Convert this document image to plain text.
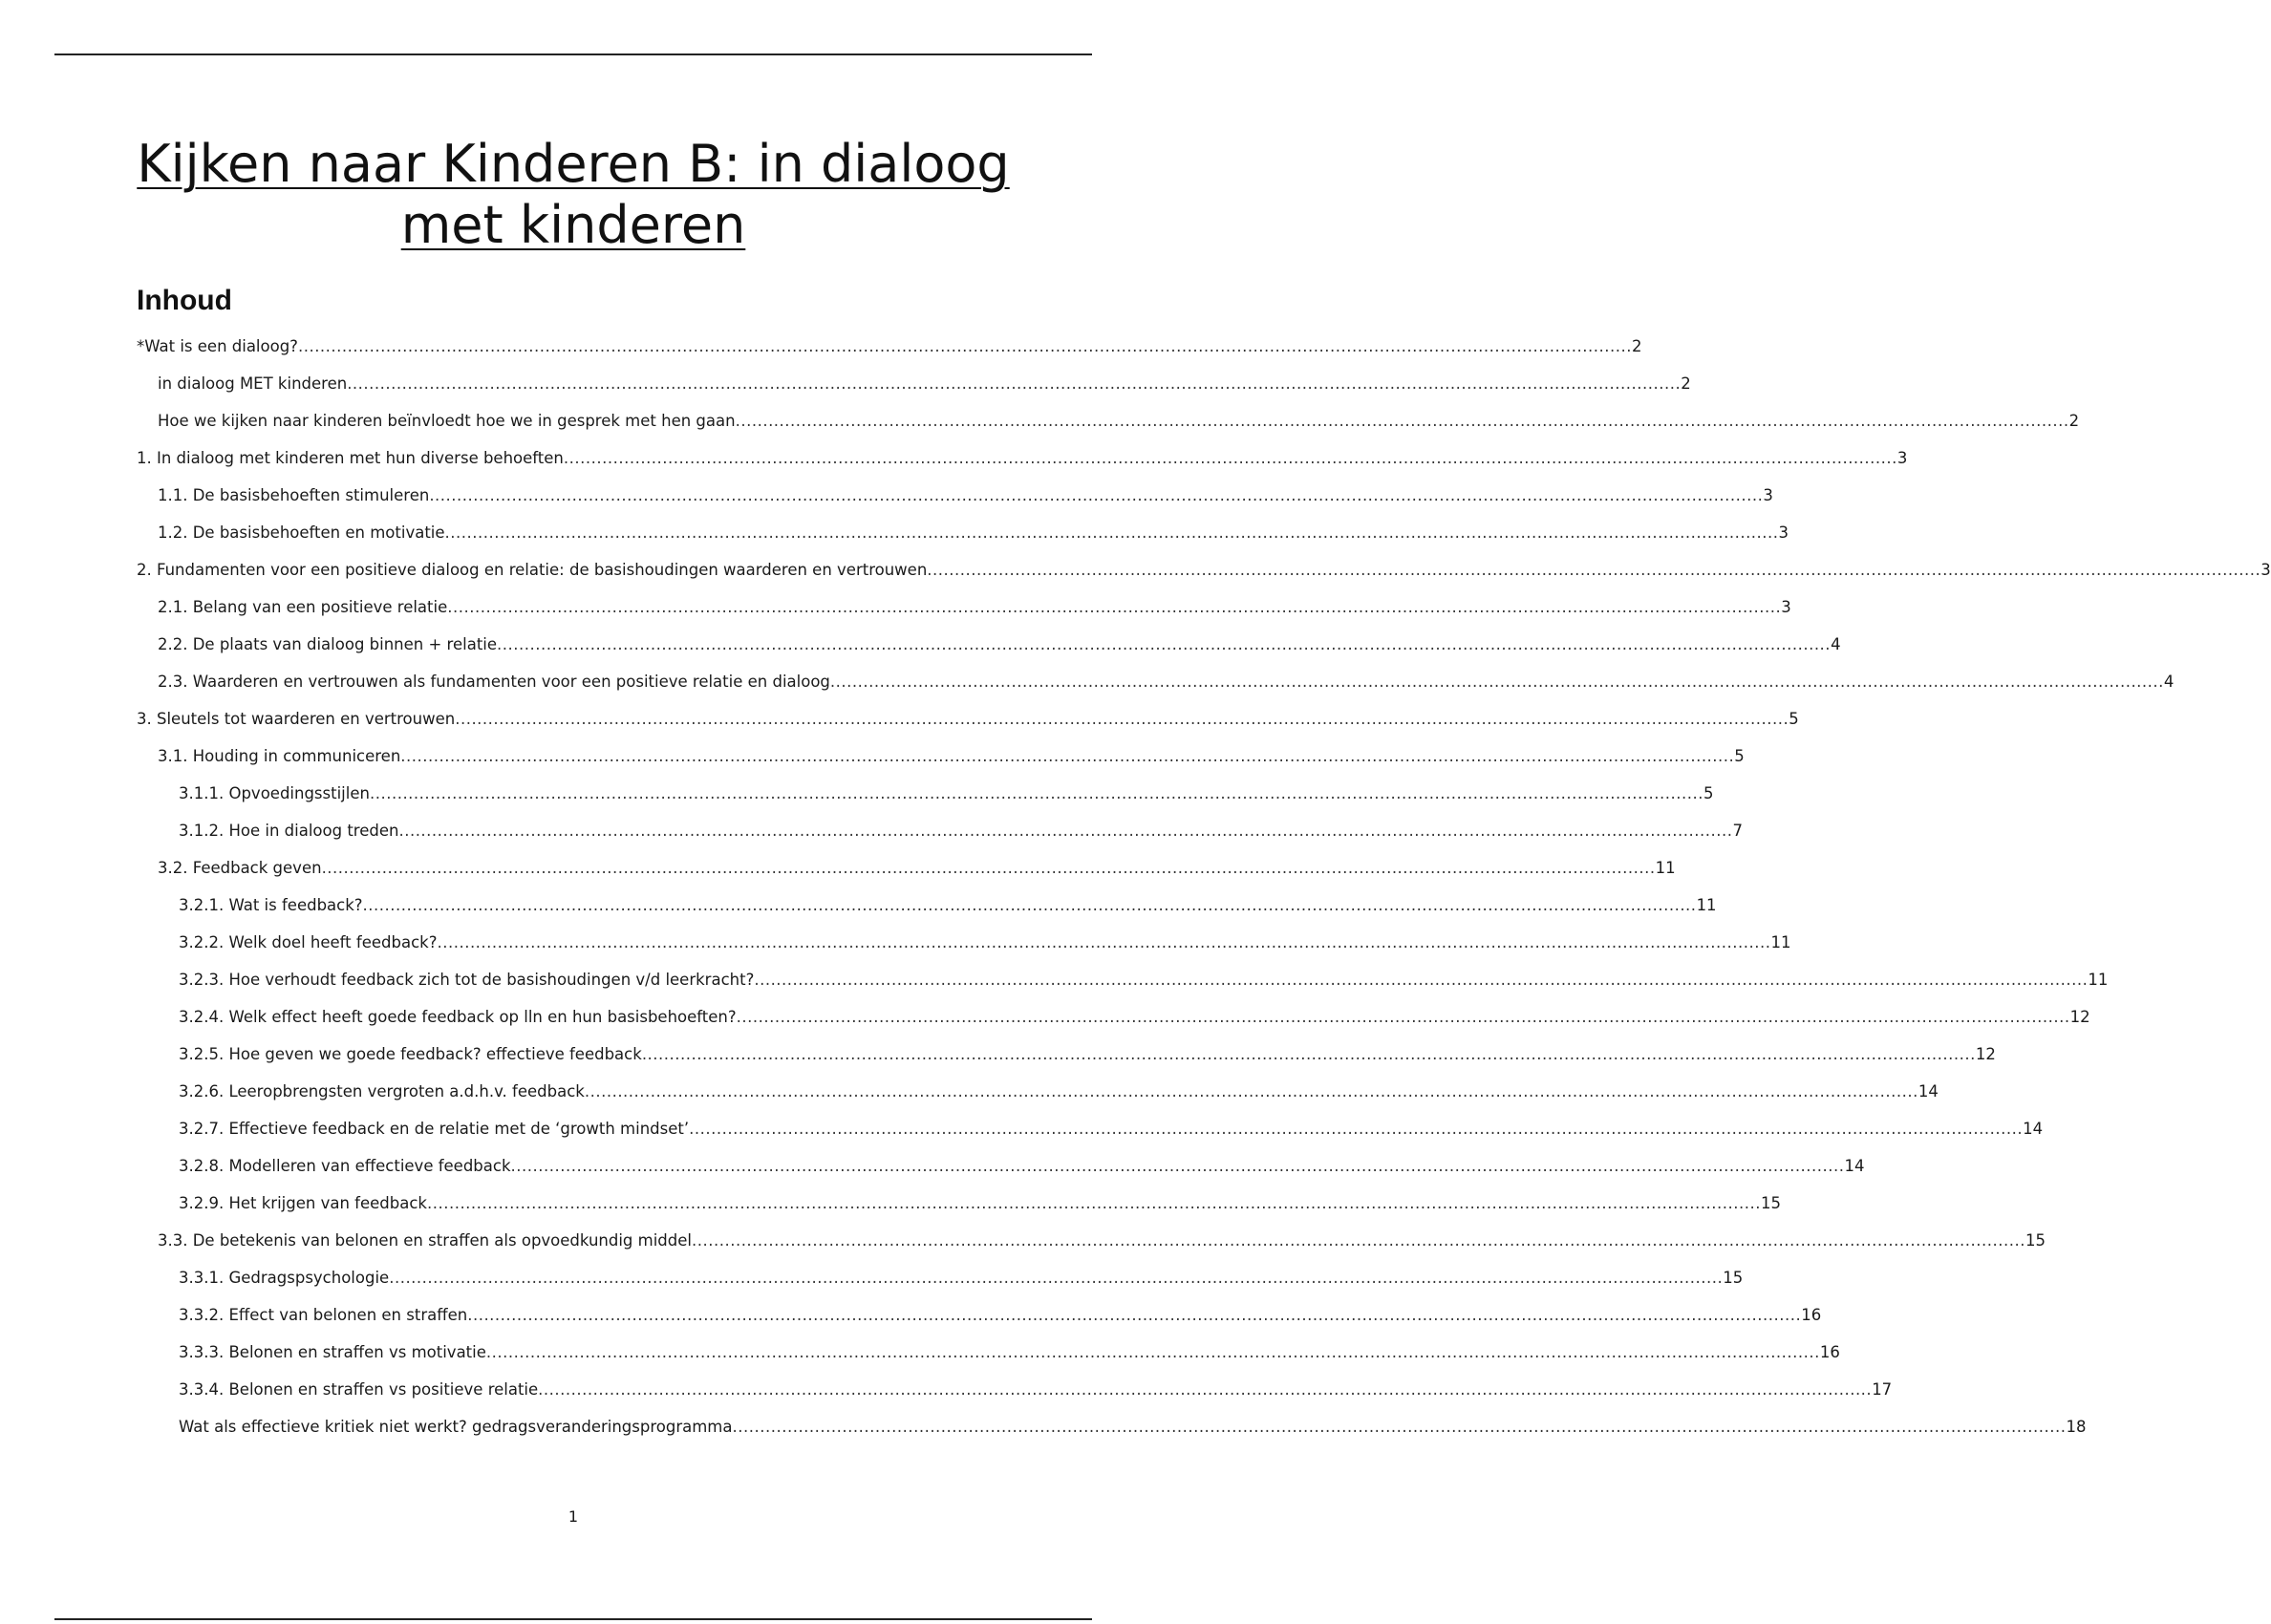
Kijken naar Kinderen B: in dialoog met kinderen
Inhoud
*Wat is een dialoog? .....	2
in dialoog MET kinderen .....	2
Hoe we kijken naar kinderen beïnvloedt hoe we in gesprek met hen gaan .....	2
1. In dialoog met kinderen met hun diverse behoeften .....	3
1.1. De basisbehoeften stimuleren .....	3
1.2. De basisbehoeften en motivatie .....	3
2. Fundamenten voor een positieve dialoog en relatie: de basishoudingen waarderen en vertrouwen .....	3
2.1. Belang van een positieve relatie .....	3
2.2. De plaats van dialoog binnen + relatie .....	4
2.3. Waarderen en vertrouwen als fundamenten voor een positieve relatie en dialoog .....	4
3. Sleutels tot waarderen en vertrouwen .....	5
3.1. Houding in communiceren .....	5
3.1.1. Opvoedingsstijlen .....	5
3.1.2. Hoe in dialoog treden .....	7
3.2. Feedback geven .....	11
3.2.1. Wat is feedback? .....	11
3.2.2. Welk doel heeft feedback? .....	11
3.2.3. Hoe verhoudt feedback zich tot de basishoudingen v/d leerkracht? .....	11
3.2.4. Welk effect heeft goede feedback op lln en hun basisbehoeften? .....	12
3.2.5. Hoe geven we goede feedback? effectieve feedback .....	12
3.2.6. Leeropbrengsten vergroten a.d.h.v. feedback .....	14
3.2.7. Effectieve feedback en de relatie met de ‘growth mindset’ .....	14
3.2.8. Modelleren van effectieve feedback .....	14
3.2.9. Het krijgen van feedback .....	15
3.3. De betekenis van belonen en straffen als opvoedkundig middel .....	15
3.3.1. Gedragspsychologie .....	15
3.3.2. Effect van belonen en straffen .....	16
3.3.3. Belonen en straffen vs motivatie .....	16
3.3.4. Belonen en straffen vs positieve relatie .....	17
Wat als effectieve kritiek niet werkt? gedragsveranderingsprogramma .....	18
1
